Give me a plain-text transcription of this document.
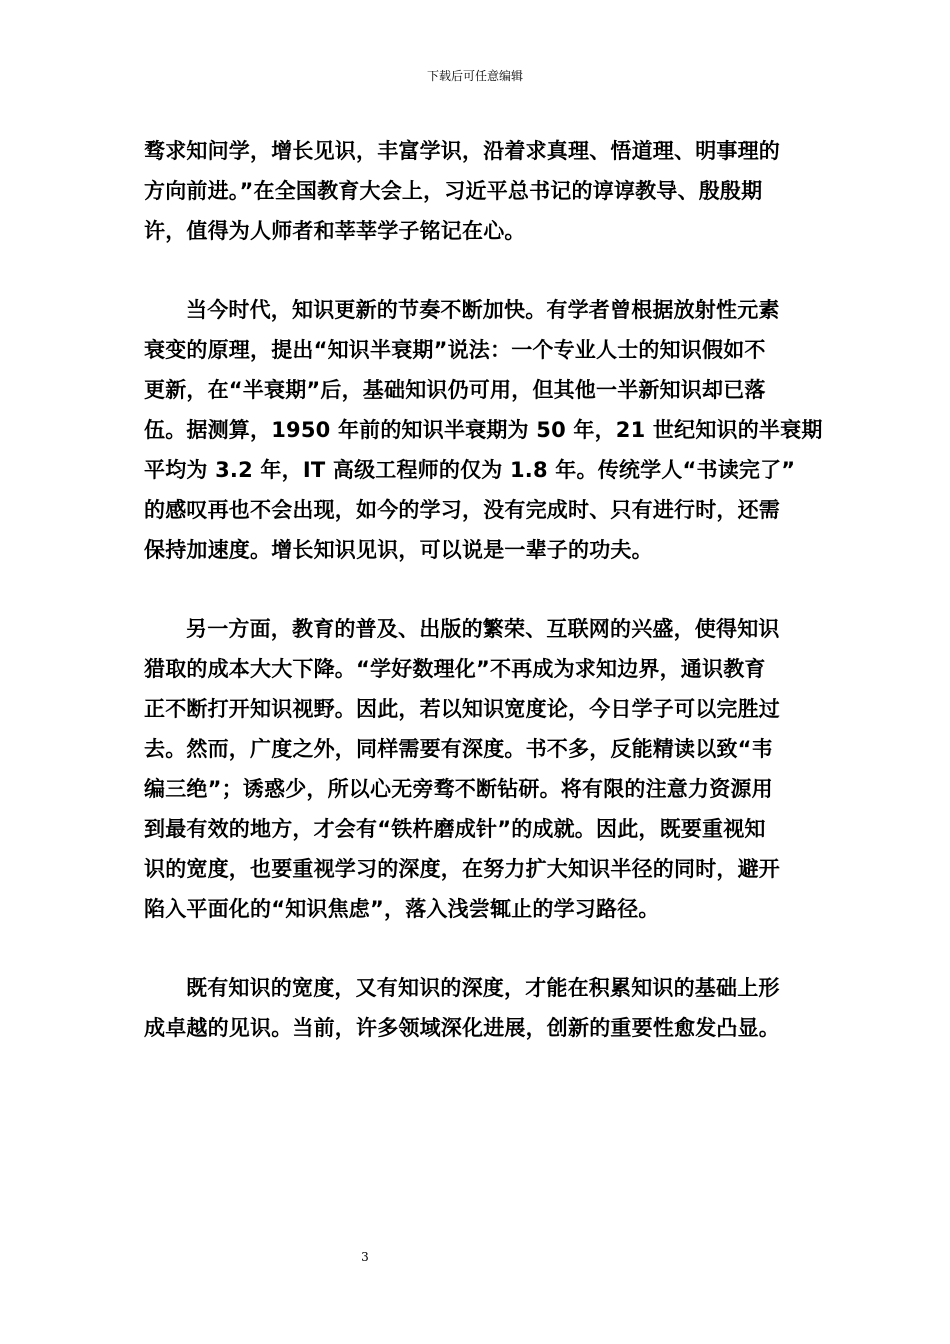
下载后可任意编辑

骛求知问学，增长见识，丰富学识，沿着求真理、悟道理、明事理的
方向前进。”在全国教育大会上，习近平总书记的谆谆教导、殷殷期
许，值得为人师者和莘莘学子铭记在心。

当今时代，知识更新的节奏不断加快。有学者曾根据放射性元素
衰变的原理，提出“知识半衰期”说法：一个专业人士的知识假如不
更新，在“半衰期”后，基础知识仍可用，但其他一半新知识却已落
伍。据测算，1950 年前的知识半衰期为 50 年，21 世纪知识的半衰期
平均为 3.2 年，IT 高级工程师的仅为 1.8 年。传统学人“书读完了”
的感叹再也不会出现，如今的学习，没有完成时、只有进行时，还需
保持加速度。增长知识见识，可以说是一辈子的功夫。

另一方面，教育的普及、出版的繁荣、互联网的兴盛，使得知识
猎取的成本大大下降。“学好数理化”不再成为求知边界，通识教育
正不断打开知识视野。因此，若以知识宽度论，今日学子可以完胜过
去。然而，广度之外，同样需要有深度。书不多，反能精读以致“韦
编三绝”；诱惑少，所以心无旁骛不断钻研。将有限的注意力资源用
到最有效的地方，才会有“铁杵磨成针”的成就。因此，既要重视知
识的宽度，也要重视学习的深度，在努力扩大知识半径的同时，避开
陷入平面化的“知识焦虑”，落入浅尝辄止的学习路径。

既有知识的宽度，又有知识的深度，才能在积累知识的基础上形
成卓越的见识。当前，许多领域深化进展，创新的重要性愈发凸显。

3
